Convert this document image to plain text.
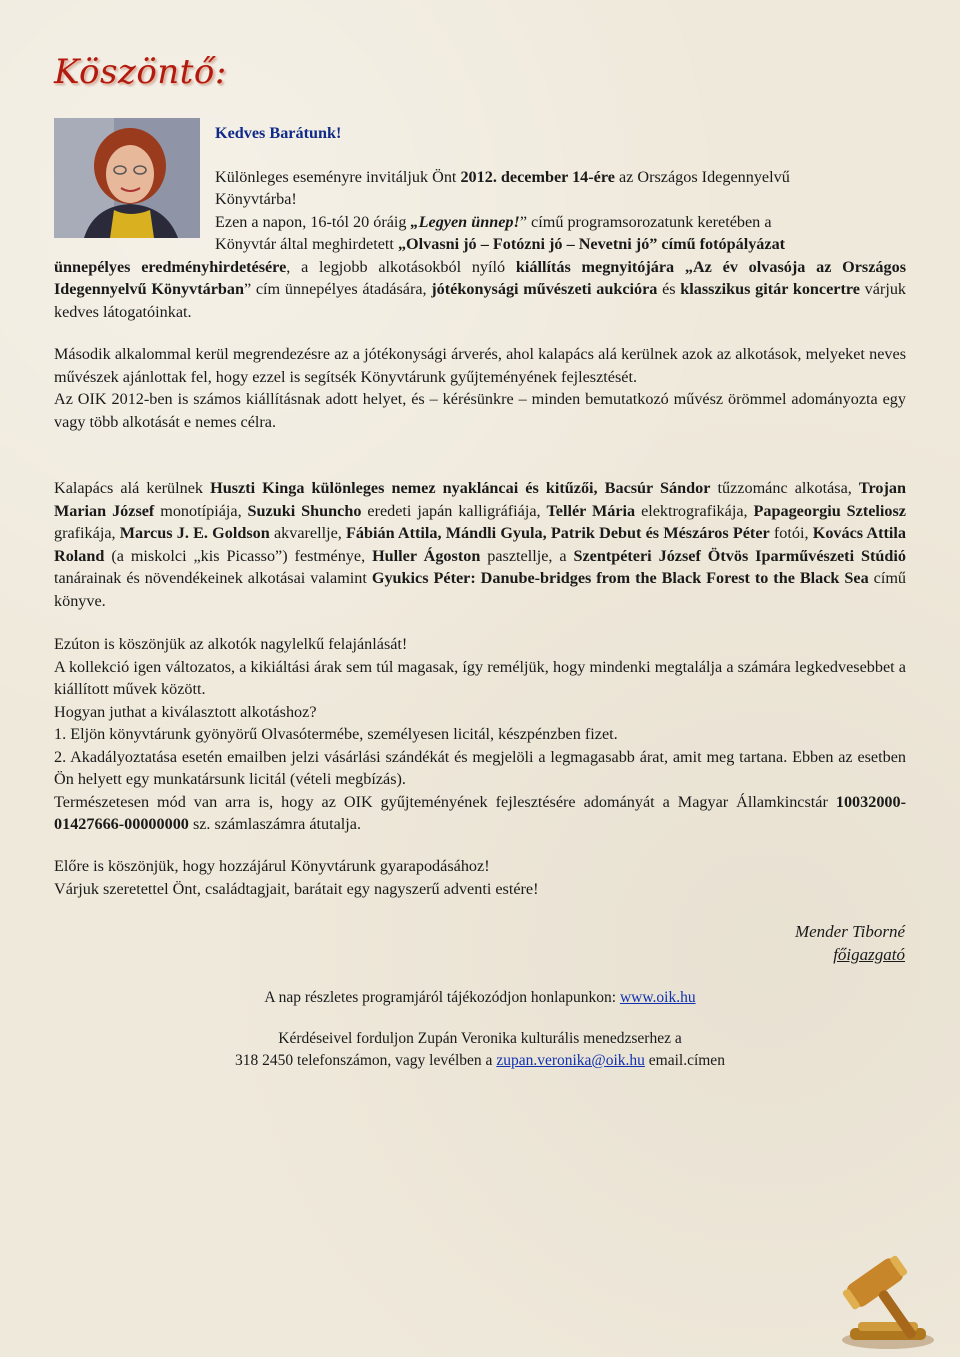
Köszöntő:

Kedves Barátunk!

Különleges eseményre invitáljuk Önt 2012. december 14-ére az Országos Idegennyelvű

Könyvtárba!

Ezen a napon, 16-tól 20 óráig „Legyen ünnep!” című programsorozatunk keretében a

Könyvtár által meghirdetett „Olvasni jó – Fotózni jó – Nevetni jó” című fotópályázat

ünnepélyes eredményhirdetésére, a legjobb alkotásokból nyíló kiállítás megnyitójára „Az év olvasója az Országos Idegennyelvű Könyvtárban” cím ünnepélyes átadására, jótékonysági művészeti aukcióra és klasszikus gitár koncertre várjuk kedves látogatóinkat.

Második alkalommal kerül megrendezésre az a jótékonysági árverés, ahol kalapács alá kerülnek azok az alkotások, melyeket neves művészek ajánlottak fel, hogy ezzel is segítsék Könyvtárunk gyűjteményének fejlesztését.

Az OIK 2012-ben is számos kiállításnak adott helyet, és – kérésünkre – minden bemutatkozó művész örömmel adományozta egy vagy több alkotását e nemes célra.

Kalapács alá kerülnek Huszti Kinga különleges nemez nyakláncai és kitűzői, Bacsúr Sándor tűzzománc alkotása, Trojan Marian József monotípiája, Suzuki Shuncho eredeti japán kalligráfiája, Tellér Mária elektrografikája, Papageorgiu Szteliosz grafikája, Marcus J. E. Goldson akvarellje, Fábián Attila, Mándli Gyula, Patrik Debut és Mészáros Péter fotói, Kovács Attila Roland (a miskolci „kis Picasso”) festménye, Huller Ágoston pasztellje, a Szentpéteri József Ötvös Iparművészeti Stúdió tanárainak és növendékeinek alkotásai valamint Gyukics Péter: Danube-bridges from the Black Forest to the Black Sea című könyve.

Ezúton is köszönjük az alkotók nagylelkű felajánlását!

A kollekció igen változatos, a kikiáltási árak sem túl magasak, így reméljük, hogy mindenki megtalálja a számára legkedvesebbet a kiállított művek között.

Hogyan juthat a kiválasztott alkotáshoz?

1. Eljön könyvtárunk gyönyörű Olvasótermébe, személyesen licitál, készpénzben fizet.

2. Akadályoztatása esetén emailben jelzi vásárlási szándékát és megjelöli a legmagasabb árat, amit meg tartana. Ebben az esetben Ön helyett egy munkatársunk licitál (vételi megbízás).

Természetesen mód van arra is, hogy az OIK gyűjteményének fejlesztésére adományát a Magyar Államkincstár 10032000-01427666-00000000 sz. számlaszámra átutalja.

Előre is köszönjük, hogy hozzájárul Könyvtárunk gyarapodásához!

Várjuk szeretettel Önt, családtagjait, barátait egy nagyszerű adventi estére!

Mender Tiborné
főigazgató
A nap részletes programjáról tájékozódjon honlapunkon: www.oik.hu
Kérdéseivel forduljon Zupán Veronika kulturális menedzserhez a
318 2450 telefonszámon, vagy levélben a zupan.veronika@oik.hu email.címen
